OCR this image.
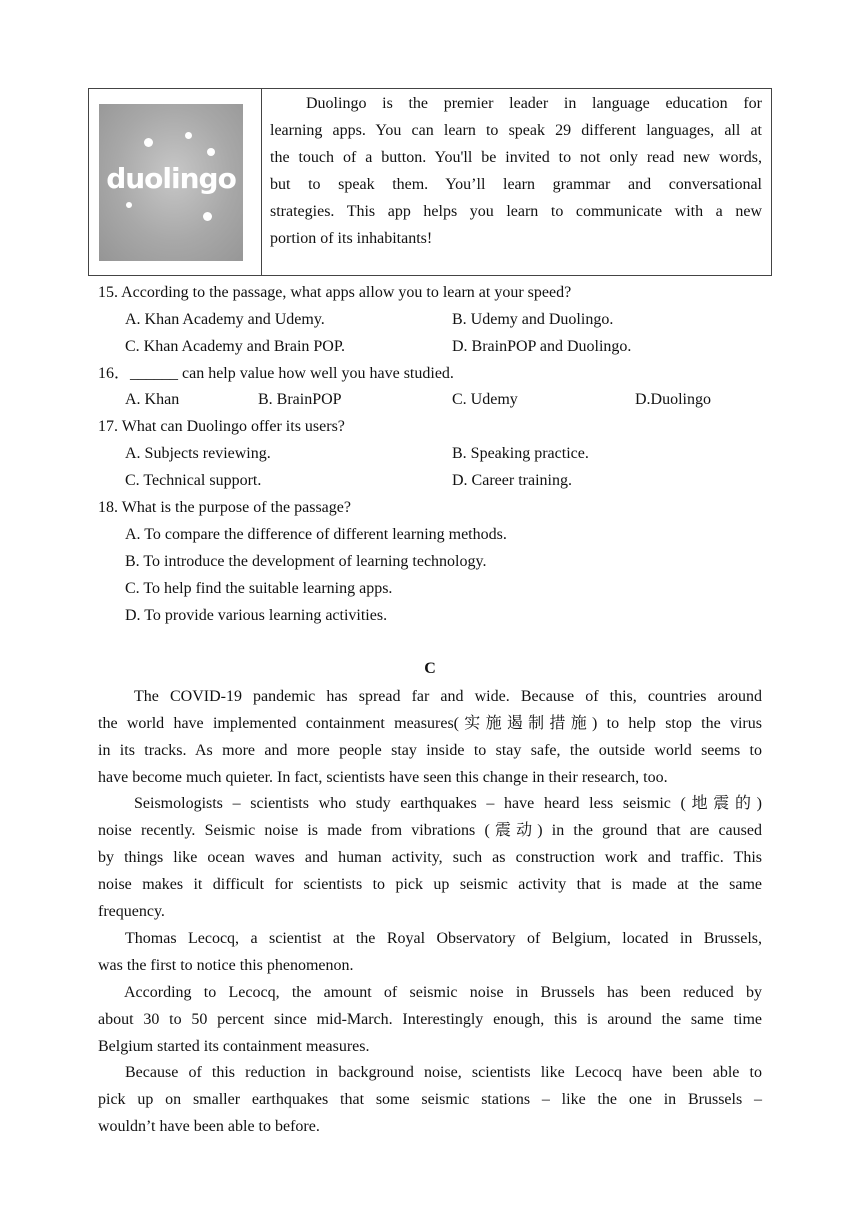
duolingo
Duolingo is the premier leader in language education for
learning apps. You can learn to speak 29 different languages, all at
the touch of a button. You'll be invited to not only read new words,
but to speak them. You’ll learn grammar and conversational
strategies. This app helps you learn to communicate with a new
portion of its inhabitants!
15. According to the passage, what apps allow you to learn at your speed?
A. Khan Academy and Udemy.	B. Udemy and Duolingo.
C. Khan Academy and Brain POP.	D. BrainPOP and Duolingo.
16．______ can help value how well you have studied.
A. Khan	B. BrainPOP	C. Udemy	D.Duolingo
17. What can Duolingo offer its users?
A. Subjects reviewing.	B. Speaking practice.
C. Technical support.	D. Career training.
18. What is the purpose of the passage?
A. To compare the difference of different learning methods.
B. To introduce the development of learning technology.
C. To help find the suitable learning apps.
D. To provide various learning activities.
C
The COVID-19 pandemic has spread far and wide. Because of this, countries around
the world have implemented containment measures(实施遏制措施) to help stop the virus
in its tracks. As more and more people stay inside to stay safe, the outside world seems to
have become much quieter. In fact, scientists have seen this change in their research, too.
Seismologists – scientists who study earthquakes – have heard less seismic (地震的)
noise recently. Seismic noise is made from vibrations (震动) in the ground that are caused
by things like ocean waves and human activity, such as construction work and traffic. This
noise makes it difficult for scientists to pick up seismic activity that is made at the same
frequency.
Thomas Lecocq, a scientist at the Royal Observatory of Belgium, located in Brussels,
was the first to notice this phenomenon.
According to Lecocq, the amount of seismic noise in Brussels has been reduced by
about 30 to 50 percent since mid-March. Interestingly enough, this is around the same time
Belgium started its containment measures.
Because of this reduction in background noise, scientists like Lecocq have been able to
pick up on smaller earthquakes that some seismic stations – like the one in Brussels –
wouldn’t have been able to before.
